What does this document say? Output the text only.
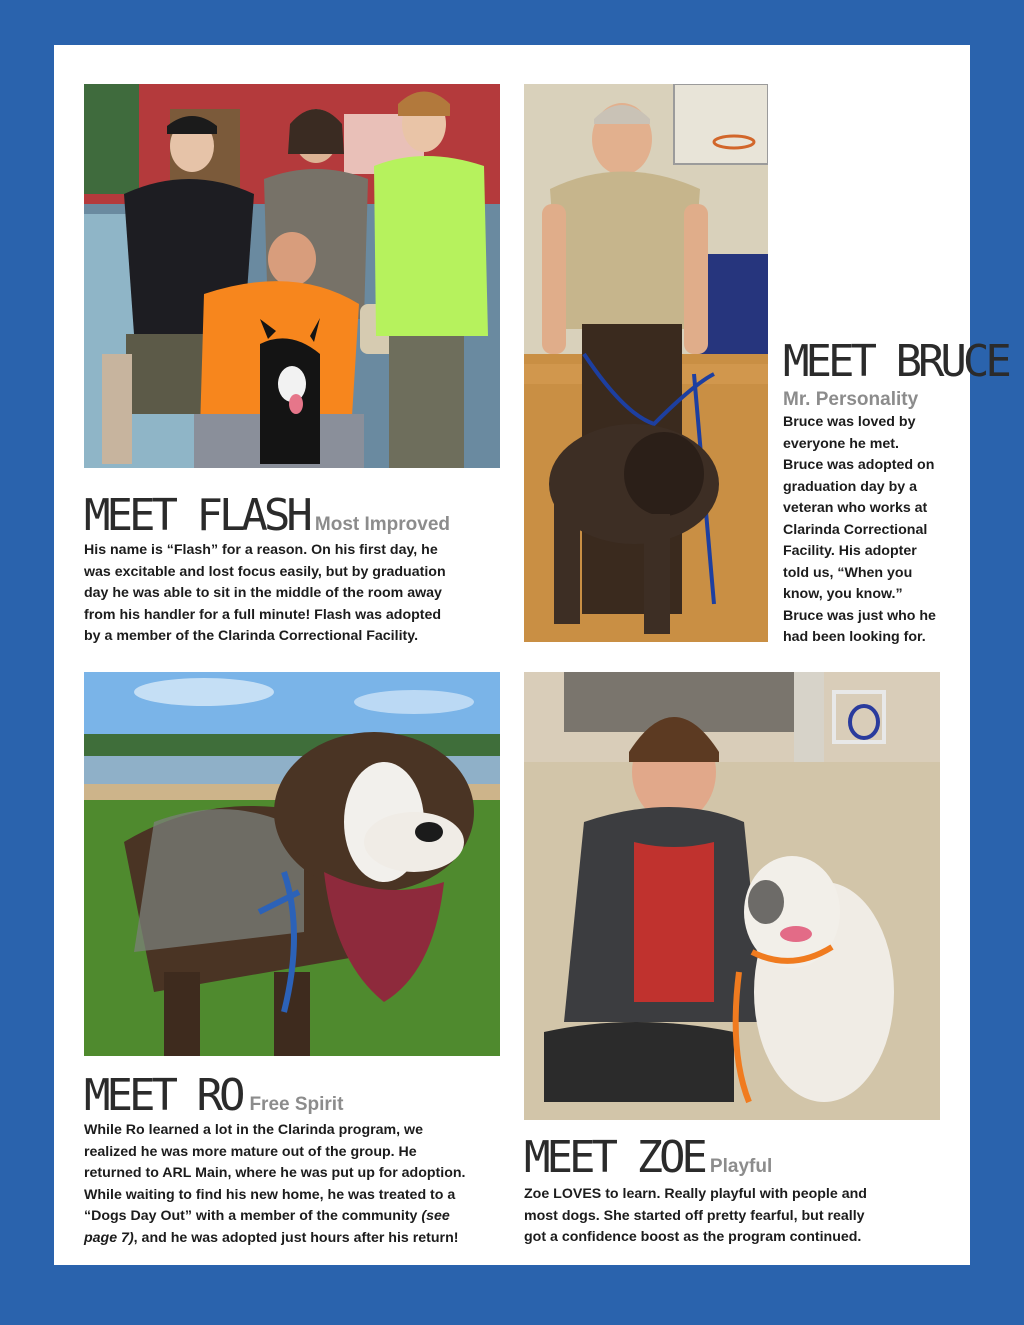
MEET FLASH Most Improved
His name is “Flash” for a reason. On his first day, he
was excitable and lost focus easily, but by graduation
day he was able to sit in the middle of the room away
from his handler for a full minute! Flash was adopted
by a member of the Clarinda Correctional Facility.
MEET BRUCE
Mr. Personality
Bruce was loved by
everyone he met.
Bruce was adopted on
graduation day by a
veteran who works at
Clarinda Correctional
Facility. His adopter
told us, “When you
know, you know.”
Bruce was just who he
had been looking for.
MEET RO Free Spirit
While Ro learned a lot in the Clarinda program, we
realized he was more mature out of the group. He
returned to ARL Main, where he was put up for adoption.
While waiting to find his new home, he was treated to a
“Dogs Day Out” with a member of the community (see
page 7), and he was adopted just hours after his return!
MEET ZOE Playful
Zoe LOVES to learn. Really playful with people and
most dogs. She started off pretty fearful, but really
got a confidence boost as the program continued.
